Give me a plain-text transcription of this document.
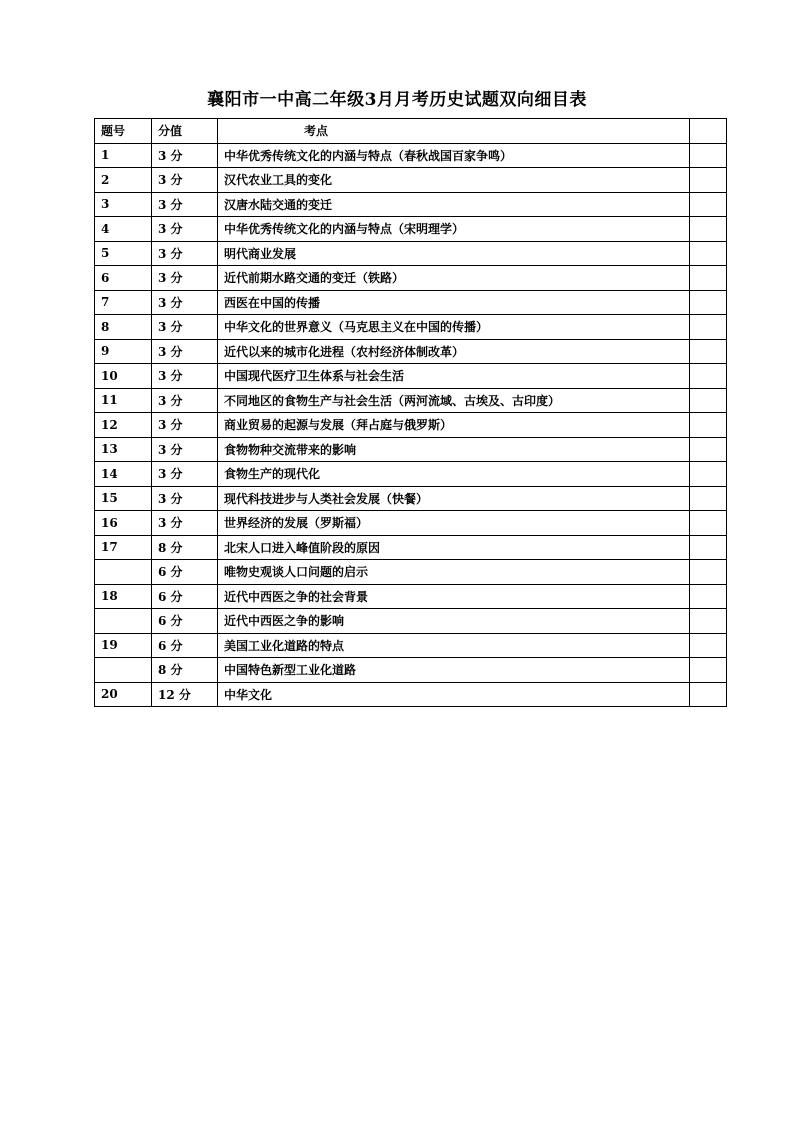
襄阳市一中高二年级3月月考历史试题双向细目表
题号	分值	考点	
1	3 分	中华优秀传统文化的内涵与特点（春秋战国百家争鸣）	
2	3 分	汉代农业工具的变化	
3	3 分	汉唐水陆交通的变迁	
4	3 分	中华优秀传统文化的内涵与特点（宋明理学）	
5	3 分	明代商业发展	
6	3 分	近代前期水路交通的变迁（铁路）	
7	3 分	西医在中国的传播	
8	3 分	中华文化的世界意义（马克思主义在中国的传播）	
9	3 分	近代以来的城市化进程（农村经济体制改革）	
10	3 分	中国现代医疗卫生体系与社会生活	
11	3 分	不同地区的食物生产与社会生活（两河流域、古埃及、古印度）	
12	3 分	商业贸易的起源与发展（拜占庭与俄罗斯）	
13	3 分	食物物种交流带来的影响	
14	3 分	食物生产的现代化	
15	3 分	现代科技进步与人类社会发展（快餐）	
16	3 分	世界经济的发展（罗斯福）	
17	8 分	北宋人口进入峰值阶段的原因	
	6 分	唯物史观谈人口问题的启示	
18	6 分	近代中西医之争的社会背景	
	6 分	近代中西医之争的影响	
19	6 分	美国工业化道路的特点	
	8 分	中国特色新型工业化道路	
20	12 分	中华文化	
